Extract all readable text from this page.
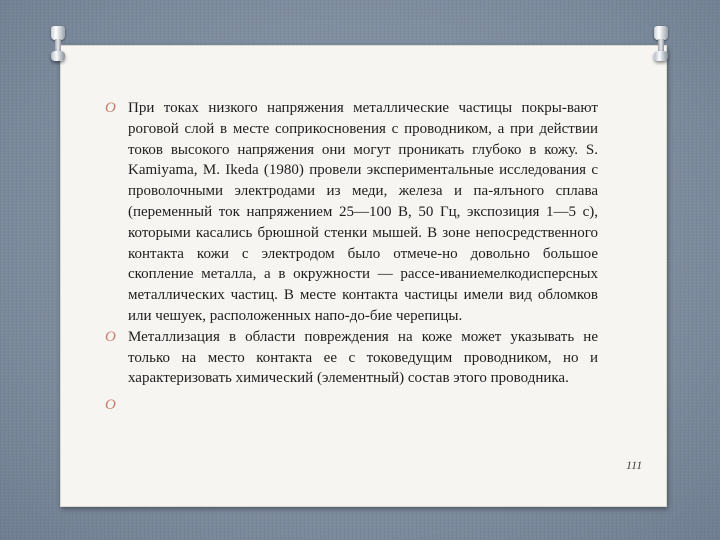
O При токах низкого напряжения металлические частицы покры-вают роговой слой в месте соприкосновения с проводником, а при действии токов высокого напряжения они могут проникать глубоко в кожу. S. Kamiyama, M. Ikeda (1980) провели экспериментальные исследования с проволочными электродами из меди, железа и па-ялъного сплава (переменный ток напряжением 25—100 В, 50 Гц, экспозиция 1—5 с), которыми касались брюшной стенки мышей. В зоне непосредственного контакта кожи с электродом было отмече-но довольно большое скопление металла, а в окружности — рассе-иваниемелкодисперсных металлических частиц. В месте контакта частицы имели вид обломков или чешуек, расположенных напо-до-бие черепицы.

O Металлизация в области повреждения на коже может указывать не только на место контакта ее с токоведущим проводником, но и характеризовать химический (элементный) состав этого проводника.

O

111
